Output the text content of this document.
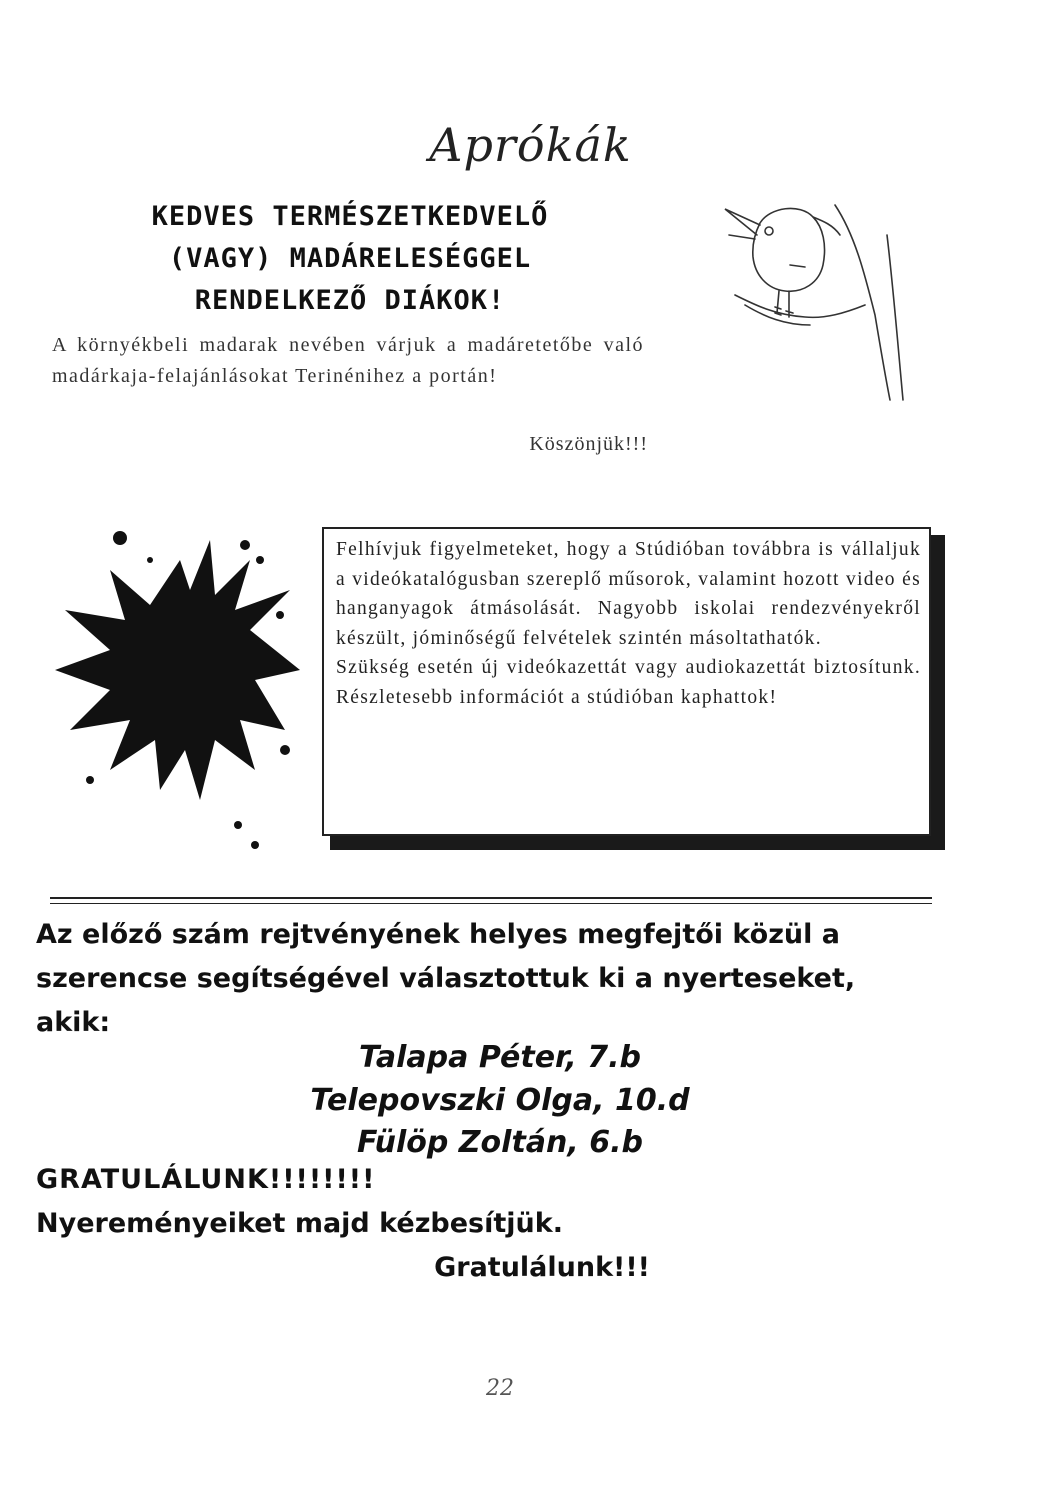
Aprókák
KEDVES TERMÉSZETKEDVELŐ
(VAGY) MADÁRELESÉGGEL
RENDELKEZŐ DIÁKOK!
A környékbeli madarak nevében várjuk a madáretetőbe való madárkaja-felajánlásokat Terinénihez a portán!
Köszönjük!!!

Felhívjuk figyelmeteket, hogy a Stúdióban továbbra is vállaljuk a videókatalógusban szereplő műsorok, valamint hozott video és hanganyagok átmásolását. Nagyobb iskolai rendezvényekről készült, jóminőségű felvételek szintén másoltathatók.

Szükség esetén új videókazettát vagy audiokazettát biztosítunk. Részletesebb információt a stúdióban kaphattok!

Az előző szám rejtvényének helyes megfejtői közül a szerencse segítségével választottuk ki a nyerteseket, akik:
Talapa Péter, 7.b
Telepovszki Olga, 10.d
Fülöp Zoltán, 6.b
GRATULÁLUNK!!!!!!!!
Nyereményeiket majd kézbesítjük.
Gratulálunk!!!
22
